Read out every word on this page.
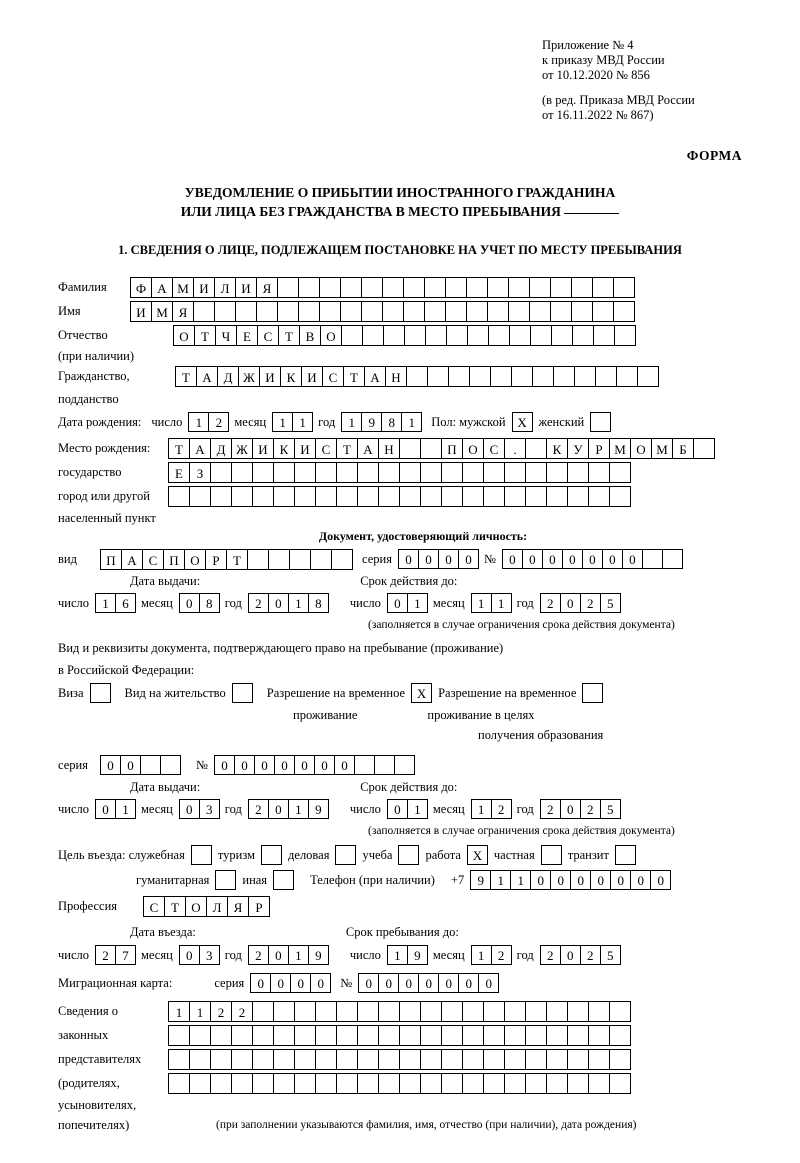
Приложение № 4
к приказу МВД России
от 10.12.2020 № 856
(в ред. Приказа МВД России
от 16.11.2022 № 867)
ФОРМА
УВЕДОМЛЕНИЕ О ПРИБЫТИИ ИНОСТРАННОГО ГРАЖДАНИНА
ИЛИ ЛИЦА БЕЗ ГРАЖДАНСТВА В МЕСТО ПРЕБЫВАНИЯ
1. СВЕДЕНИЯ О ЛИЦЕ, ПОДЛЕЖАЩЕМ ПОСТАНОВКЕ НА УЧЕТ ПО МЕСТУ ПРЕБЫВАНИЯ
Фамилия	Ф А М И Л И Я
Имя	И М Я
Отчество	О Т Ч Е С Т В О
(при наличии)
Гражданство,	Т А Д Ж И К И С Т А Н
подданство
Дата рождения: число	1	2 месяц	1	1 год	1	9	8	1	Пол: мужской Х женский
Место рождения:	Т А Д Ж И К И С Т А Н	П О С	.	К У Р М О М Б
государство	Е	З
город или другой
населенный пункт
Документ, удостоверяющий личность:
вид	П А С П О Р	Т	серия	0	0	0	0 №	0	0	0	0	0	0	0
Дата выдачи:	Срок действия до:
число	1	6 месяц	0	8 год	2	0	1	8	число	0	1 месяц	1	1 год	2	0	2	5
(заполняется в случае ограничения срока действия документа)
Вид и реквизиты документа, подтверждающего право на пребывание (проживание)
в Российской Федерации:
Виза	Вид на жительство	Разрешение на временное Х Разрешение на временное
проживание	проживание в целях
получения образования
серия	0	0	№	0	0	0	0	0	0	0
Дата выдачи:	Срок действия до:
число	0	1 месяц	0	3 год	2	0	1	9	число	0	1 месяц	1	2 год	2	0	2	5
(заполняется в случае ограничения срока действия документа)
Цель въезда: служебная	туризм	деловая	учеба	работа Х частная	транзит
гуманитарная	иная	Телефон (при наличии) +7	9	1	1	0	0	0	0	0	0	0
Профессия	С Т О Л Я	Р
Дата въезда:	Срок пребывания до:
число	2	7 месяц	0	3 год	2	0	1	9	число	1	9 месяц	1	2 год	2	0	2	5
Миграционная карта:	серия	0	0	0	0	№	0	0	0	0	0	0	0
Сведения о	1	1	2	2
законных
представителях
(родителях,
усыновителях,
попечителях)	(при заполнении указываются фамилия, имя, отчество (при наличии), дата рождения)
